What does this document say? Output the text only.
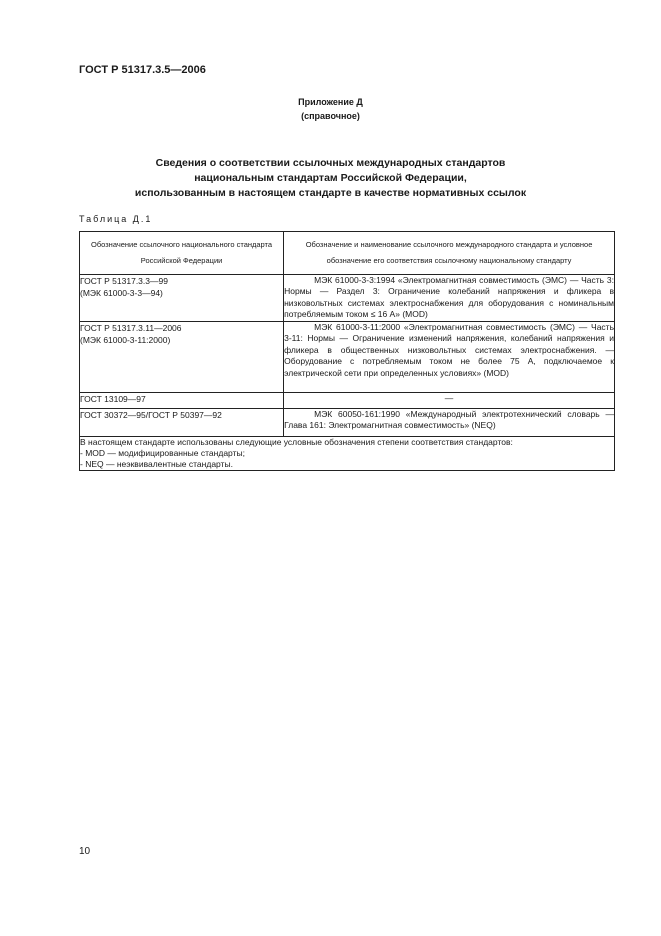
ГОСТ Р 51317.3.5—2006
Приложение Д
(справочное)
Сведения о соответствии ссылочных международных стандартов
национальным стандартам Российской Федерации,
использованным в настоящем стандарте в качестве нормативных ссылок
Таблица Д.1
Обозначение ссылочного национального стандарта Российской Федерации	Обозначение и наименование ссылочного международного стандарта и условное обозначение его соответствия ссылочному национальному стандарту

ГОСТ Р 51317.3.3—99
(МЭК 61000-3-3—94)	МЭК 61000-3-3:1994 «Электромагнитная совместимость (ЭМС) — Часть 3: Нормы — Раздел 3: Ограничение колебаний напряжения и фликера в низковольтных системах электроснабжения для оборудования с номинальным потребляемым током ≤ 16 А» (MOD)

ГОСТ Р 51317.3.11—2006
(МЭК 61000-3-11:2000)	МЭК 61000-3-11:2000 «Электромагнитная совместимость (ЭМС) — Часть 3-11: Нормы — Ограничение изменений напряжения, колебаний напряжения и фликера в общественных низковольтных системах электроснабжения. — Оборудование с потребляемым током не более 75 А, подключаемое к электрической сети при определенных условиях» (MOD)

ГОСТ 13109—97	—

ГОСТ 30372—95/ГОСТ Р 50397—92	МЭК 60050-161:1990 «Международный электротехнический словарь — Глава 161: Электромагнитная совместимость» (NEQ)

В настоящем стандарте использованы следующие условные обозначения степени соответствия стандартов:
- MOD — модифицированные стандарты;
- NEQ — неэквивалентные стандарты.	
10
